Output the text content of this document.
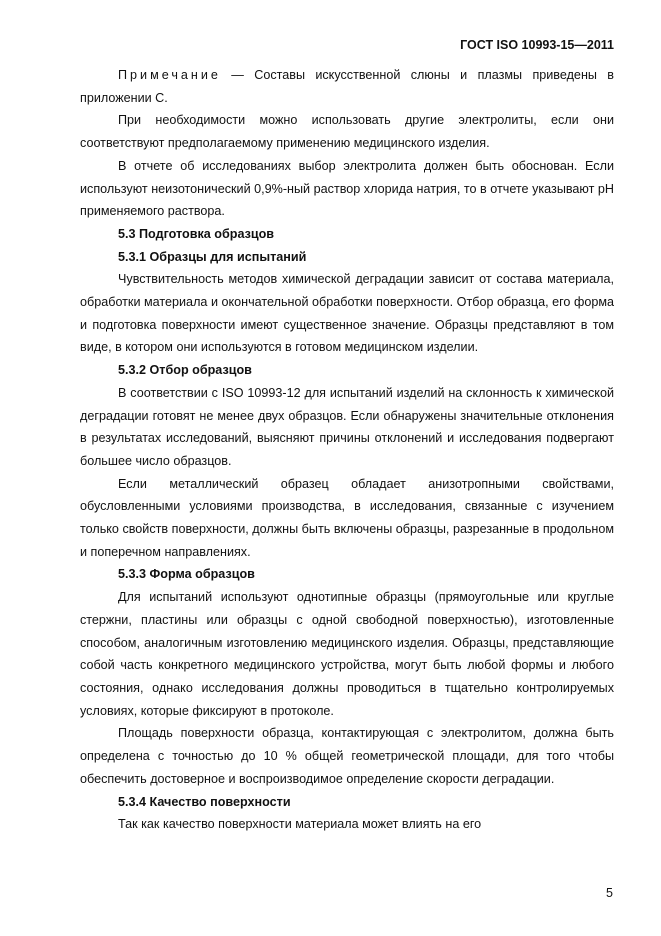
ГОСТ ISO 10993-15—2011

Примечание — Составы искусственной слюны и плазмы приведены в приложении С.

При необходимости можно использовать другие электролиты, если они соответствуют предполагаемому применению медицинского изделия.

В отчете об исследованиях выбор электролита должен быть обоснован. Если используют неизотонический 0,9%-ный раствор хлорида натрия, то в отчете указывают pH применяемого раствора.

5.3 Подготовка образцов
5.3.1 Образцы для испытаний

Чувствительность методов химической деградации зависит от состава материала, обработки материала и окончательной обработки поверхности. Отбор образца, его форма и подготовка поверхности имеют существенное значение. Образцы представляют в том виде, в котором они используются в готовом медицинском изделии.

5.3.2 Отбор образцов

В соответствии с ISO 10993-12 для испытаний изделий на склонность к химической деградации готовят не менее двух образцов. Если обнаружены значительные отклонения в результатах исследований, выясняют причины отклонений и исследования подвергают большее число образцов.

Если металлический образец обладает анизотропными свойствами, обусловленными условиями производства, в исследования, связанные с изучением только свойств поверхности, должны быть включены образцы, разрезанные в продольном и поперечном направлениях.

5.3.3 Форма образцов

Для испытаний используют однотипные образцы (прямоугольные или круглые стержни, пластины или образцы с одной свободной поверхностью), изготовленные способом, аналогичным изготовлению медицинского изделия. Образцы, представляющие собой часть конкретного медицинского устройства, могут быть любой формы и любого состояния, однако исследования должны проводиться в тщательно контролируемых условиях, которые фиксируют в протоколе.

Площадь поверхности образца, контактирующая с электролитом, должна быть определена с точностью до 10 % общей геометрической площади, для того чтобы обеспечить достоверное и воспроизводимое определение скорости деградации.

5.3.4 Качество поверхности

Так как качество поверхности материала может влиять на его

5
